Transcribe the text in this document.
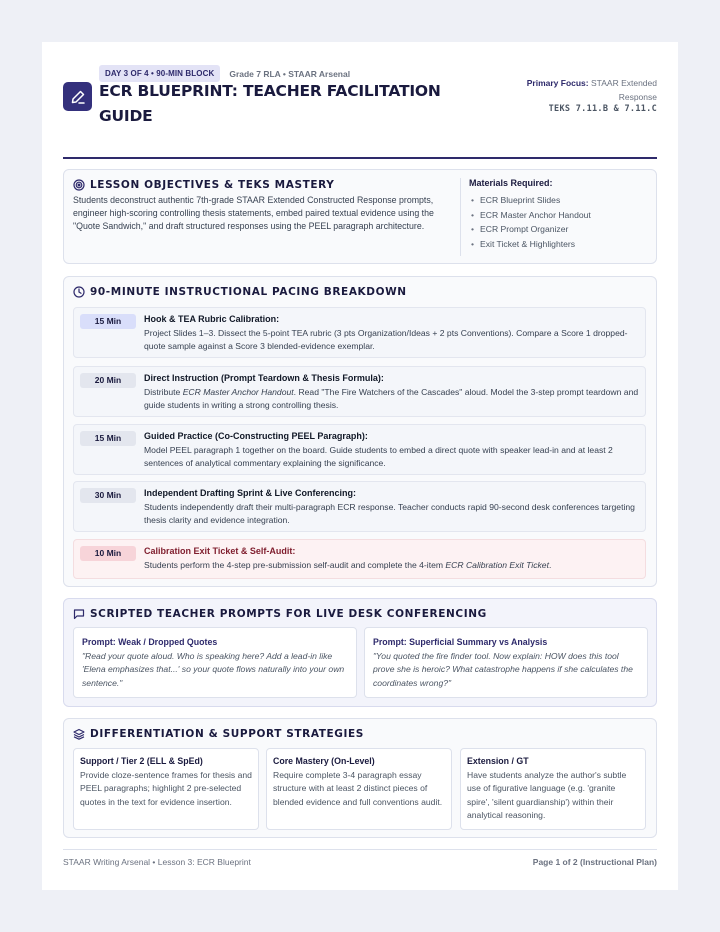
DAY 3 OF 4 • 90-MIN BLOCK	Grade 7 RLA • STAAR Arsenal
ECR BLUEPRINT: TEACHER FACILITATION GUIDE
Primary Focus: STAAR Extended Response
TEKS 7.11.B & 7.11.C
LESSON OBJECTIVES & TEKS MASTERY
Students deconstruct authentic 7th-grade STAAR Extended Constructed Response prompts, engineer high-scoring controlling thesis statements, embed paired textual evidence using the "Quote Sandwich," and draft structured responses using the PEEL paragraph architecture.
Materials Required:
• ECR Blueprint Slides
• ECR Master Anchor Handout
• ECR Prompt Organizer
• Exit Ticket & Highlighters
90-MINUTE INSTRUCTIONAL PACING BREAKDOWN
15 Min	Hook & TEA Rubric Calibration:
Project Slides 1–3. Dissect the 5-point TEA rubric (3 pts Organization/Ideas + 2 pts Conventions). Compare a Score 1 dropped-quote sample against a Score 3 blended-evidence exemplar.
20 Min	Direct Instruction (Prompt Teardown & Thesis Formula):
Distribute ECR Master Anchor Handout. Read "The Fire Watchers of the Cascades" aloud. Model the 3-step prompt teardown and guide students in writing a strong controlling thesis.
15 Min	Guided Practice (Co-Constructing PEEL Paragraph):
Model PEEL paragraph 1 together on the board. Guide students to embed a direct quote with speaker lead-in and at least 2 sentences of analytical commentary explaining the significance.
30 Min	Independent Drafting Sprint & Live Conferencing:
Students independently draft their multi-paragraph ECR response. Teacher conducts rapid 90-second desk conferences targeting thesis clarity and evidence integration.
10 Min	Calibration Exit Ticket & Self-Audit:
Students perform the 4-step pre-submission self-audit and complete the 4-item ECR Calibration Exit Ticket.
SCRIPTED TEACHER PROMPTS FOR LIVE DESK CONFERENCING
Prompt: Weak / Dropped Quotes
"Read your quote aloud. Who is speaking here? Add a lead-in like 'Elena emphasizes that...' so your quote flows naturally into your own sentence."
Prompt: Superficial Summary vs Analysis
"You quoted the fire finder tool. Now explain: HOW does this tool prove she is heroic? What catastrophe happens if she calculates the coordinates wrong?"
DIFFERENTIATION & SUPPORT STRATEGIES
Support / Tier 2 (ELL & SpEd)
Provide cloze-sentence frames for thesis and PEEL paragraphs; highlight 2 pre-selected quotes in the text for evidence insertion.
Core Mastery (On-Level)
Require complete 3-4 paragraph essay structure with at least 2 distinct pieces of blended evidence and full conventions audit.
Extension / GT
Have students analyze the author's subtle use of figurative language (e.g. 'granite spire', 'silent guardianship') within their analytical reasoning.
STAAR Writing Arsenal • Lesson 3: ECR Blueprint	Page 1 of 2 (Instructional Plan)
